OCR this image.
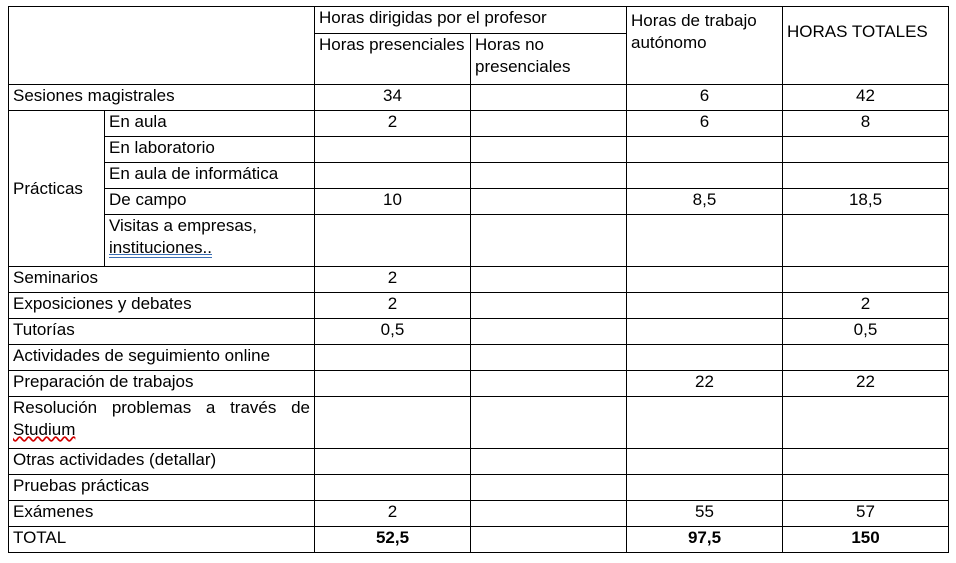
		Horas dirigidas por el profesor		Horas de trabajo autónomo	HORAS TOTALES

		Horas presenciales	Horas no presenciales		
Sesiones magistrales		34		6	42
Prácticas	En aula	2		6	8
	En laboratorio				
	En aula de informática				
	De campo	10		8,5	18,5
	Visitas a empresas,
instituciones..				
Seminarios		2			
Exposiciones y debates		2			2
Tutorías		0,5			0,5
Actividades de seguimiento online					
Preparación de trabajos				22	22
Resolución problemas a través de
Studium					
Otras actividades (detallar)					
Pruebas prácticas					
Exámenes		2		55	57
TOTAL		52,5		97,5	150
